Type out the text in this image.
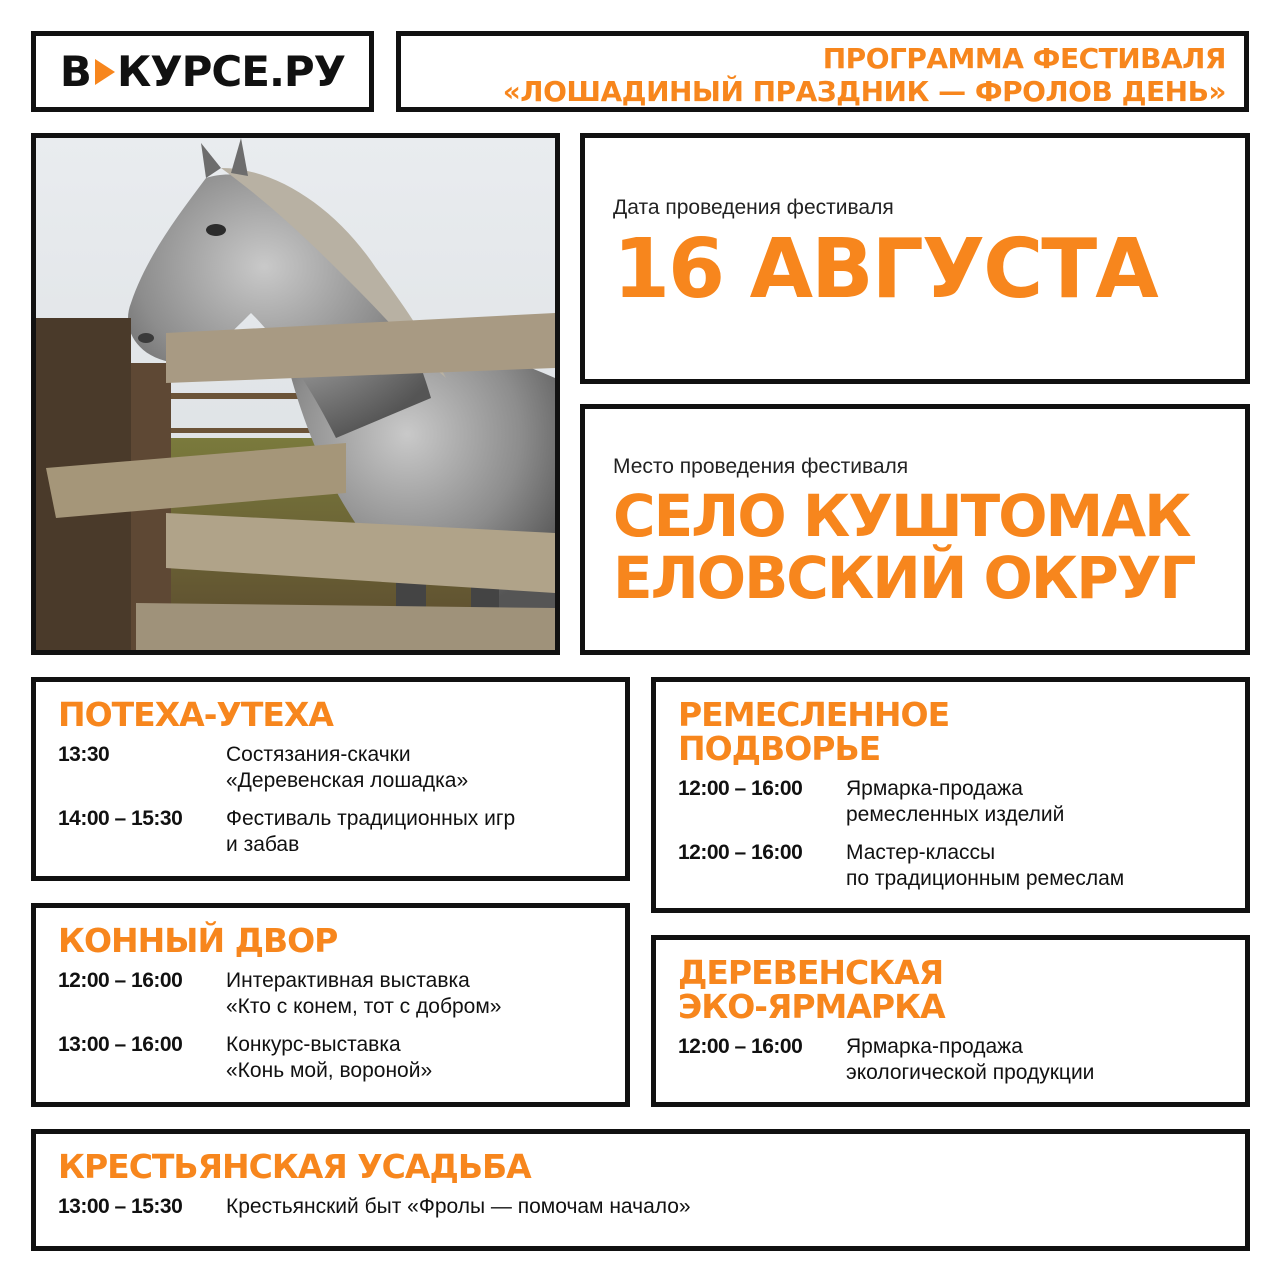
В КУРСЕ.РУ	ПРОГРАММА ФЕСТИВАЛЯ
«ЛОШАДИНЫЙ ПРАЗДНИК — ФРОЛОВ ДЕНЬ»
Дата проведения фестиваля
16 АВГУСТА
Место проведения фестиваля
СЕЛО КУШТОМАК
ЕЛОВСКИЙ ОКРУГ
ПОТЕХА-УТЕХА
13:30	Состязания-скачки
«Деревенская лошадка»
14:00 – 15:30	Фестиваль традиционных игр
и забав
КОННЫЙ ДВОР
12:00 – 16:00	Интерактивная выставка
«Кто с конем, тот с добром»
13:00 – 16:00	Конкурс-выставка
«Конь мой, вороной»
РЕМЕСЛЕННОЕ
ПОДВОРЬЕ
12:00 – 16:00	Ярмарка-продажа
ремесленных изделий
12:00 – 16:00	Мастер-классы
по традиционным ремеслам
ДЕРЕВЕНСКАЯ
ЭКО-ЯРМАРКА
12:00 – 16:00	Ярмарка-продажа
экологической продукции
КРЕСТЬЯНСКАЯ УСАДЬБА
13:00 – 15:30	Крестьянский быт «Фролы — помочам начало»
